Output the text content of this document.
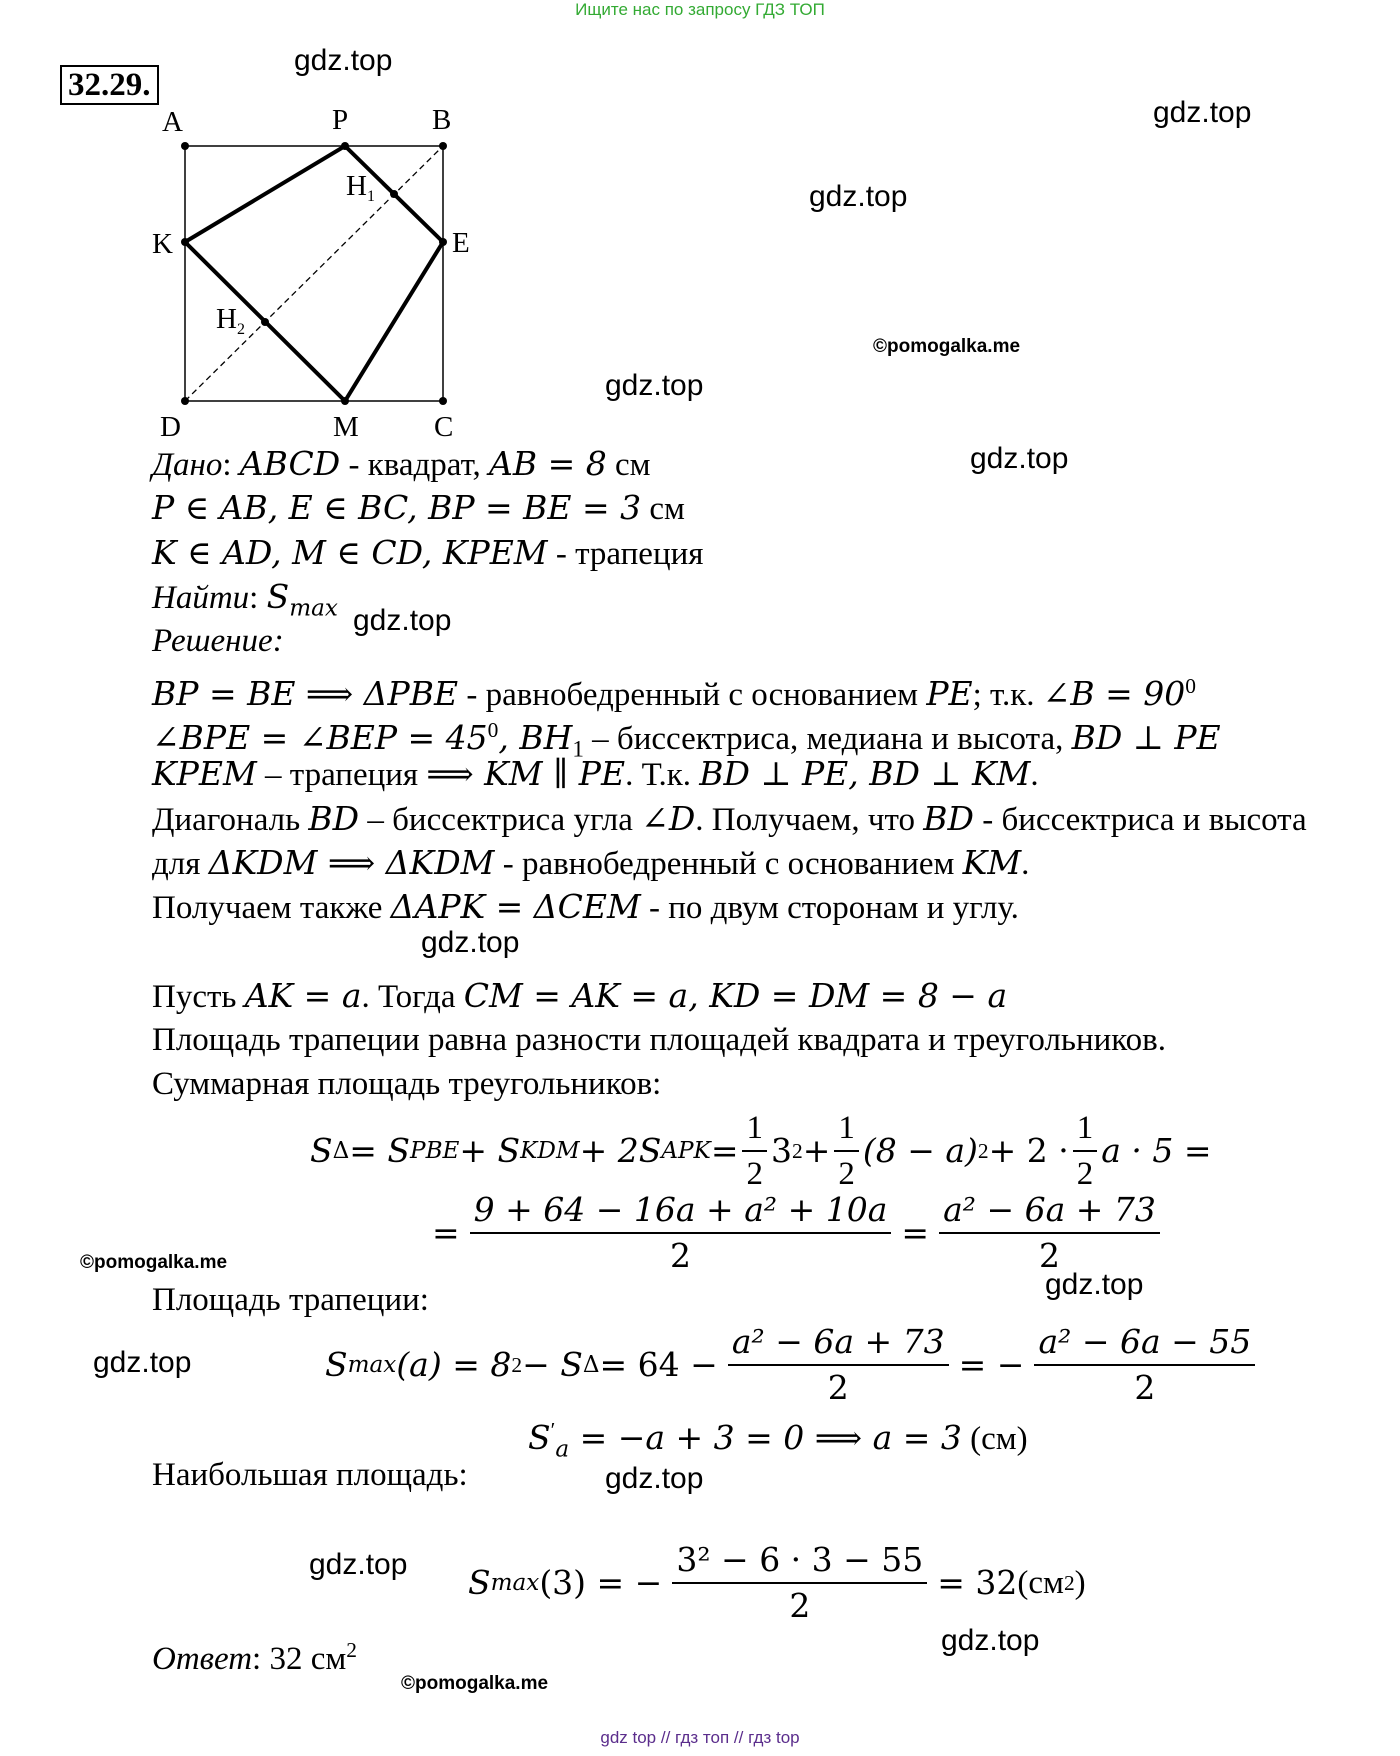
Ищите нас по запросу ГДЗ ТОП
32.29.
A	P	B
K	E
D	M	C
$H_1$
$H_2$
gdz.top
gdz.top
gdz.top
gdz.top
gdz.top
gdz.top
gdz.top
gdz.top
gdz.top
gdz.top
gdz.top
gdz.top
©pomogalka.me
©pomogalka.me
©pomogalka.me
Дано: ABCD - квадрат, AB = 8 см
P ∈ AB, E ∈ BC, BP = BE = 3 см
K ∈ AD, M ∈ CD, KPEM - трапеция
Найти: $S_{max}$
Решение:
BP = BE ⟹ ΔPBE - равнобедренный с основанием PE; т.к. ∠B = $90^0$
∠BPE = ∠BEP = $45^0$, $BH_1$ – биссектриса, медиана и высота, BD ⊥ PE
KPEM – трапеция ⟹ KM ∥ PE. Т.к. BD ⊥ PE, BD ⊥ KM.
Диагональ BD – биссектриса угла ∠D. Получаем, что BD - биссектриса и высота
для ΔKDM ⟹ ΔKDM - равнобедренный с основанием KM.
Получаем также ΔAPK = ΔCEM - по двум сторонам и углу.
Пусть AK = a. Тогда CM = AK = a, KD = DM = 8 − a
Площадь трапеции равна разности площадей квадрата и треугольников.
Суммарная площадь треугольников:
S Δ = S PBE + S KDM + 2S APK = $\frac{1}{2} 3$ $2 + \frac{1}{2} (8 - a) 2 + 2 \cdot \frac{1}{2}$ a · 5 =
= $\frac{\text{9 + 64 − 16a + a² + 10a}}{2} = \frac{\text{a² − 6a + 73}}{2}$
Площадь трапеции:
S max (a) = 8 2 − S $\Delta = 64 - \frac{\text{a² − 6a + 73}}{2}$ = − $\frac{\text{a² − 6a − 55}}{2}$
$S'_a = -a + 3 = 0$ ⟹ a = 3 (см)
Наибольшая площадь:
S max (3) = − $\frac{\text{3² − 6 · 3 − 55}}{2} = 32$ (см 2 )
Ответ: 32 $см^2$
gdz top // гдз топ // гдз top
